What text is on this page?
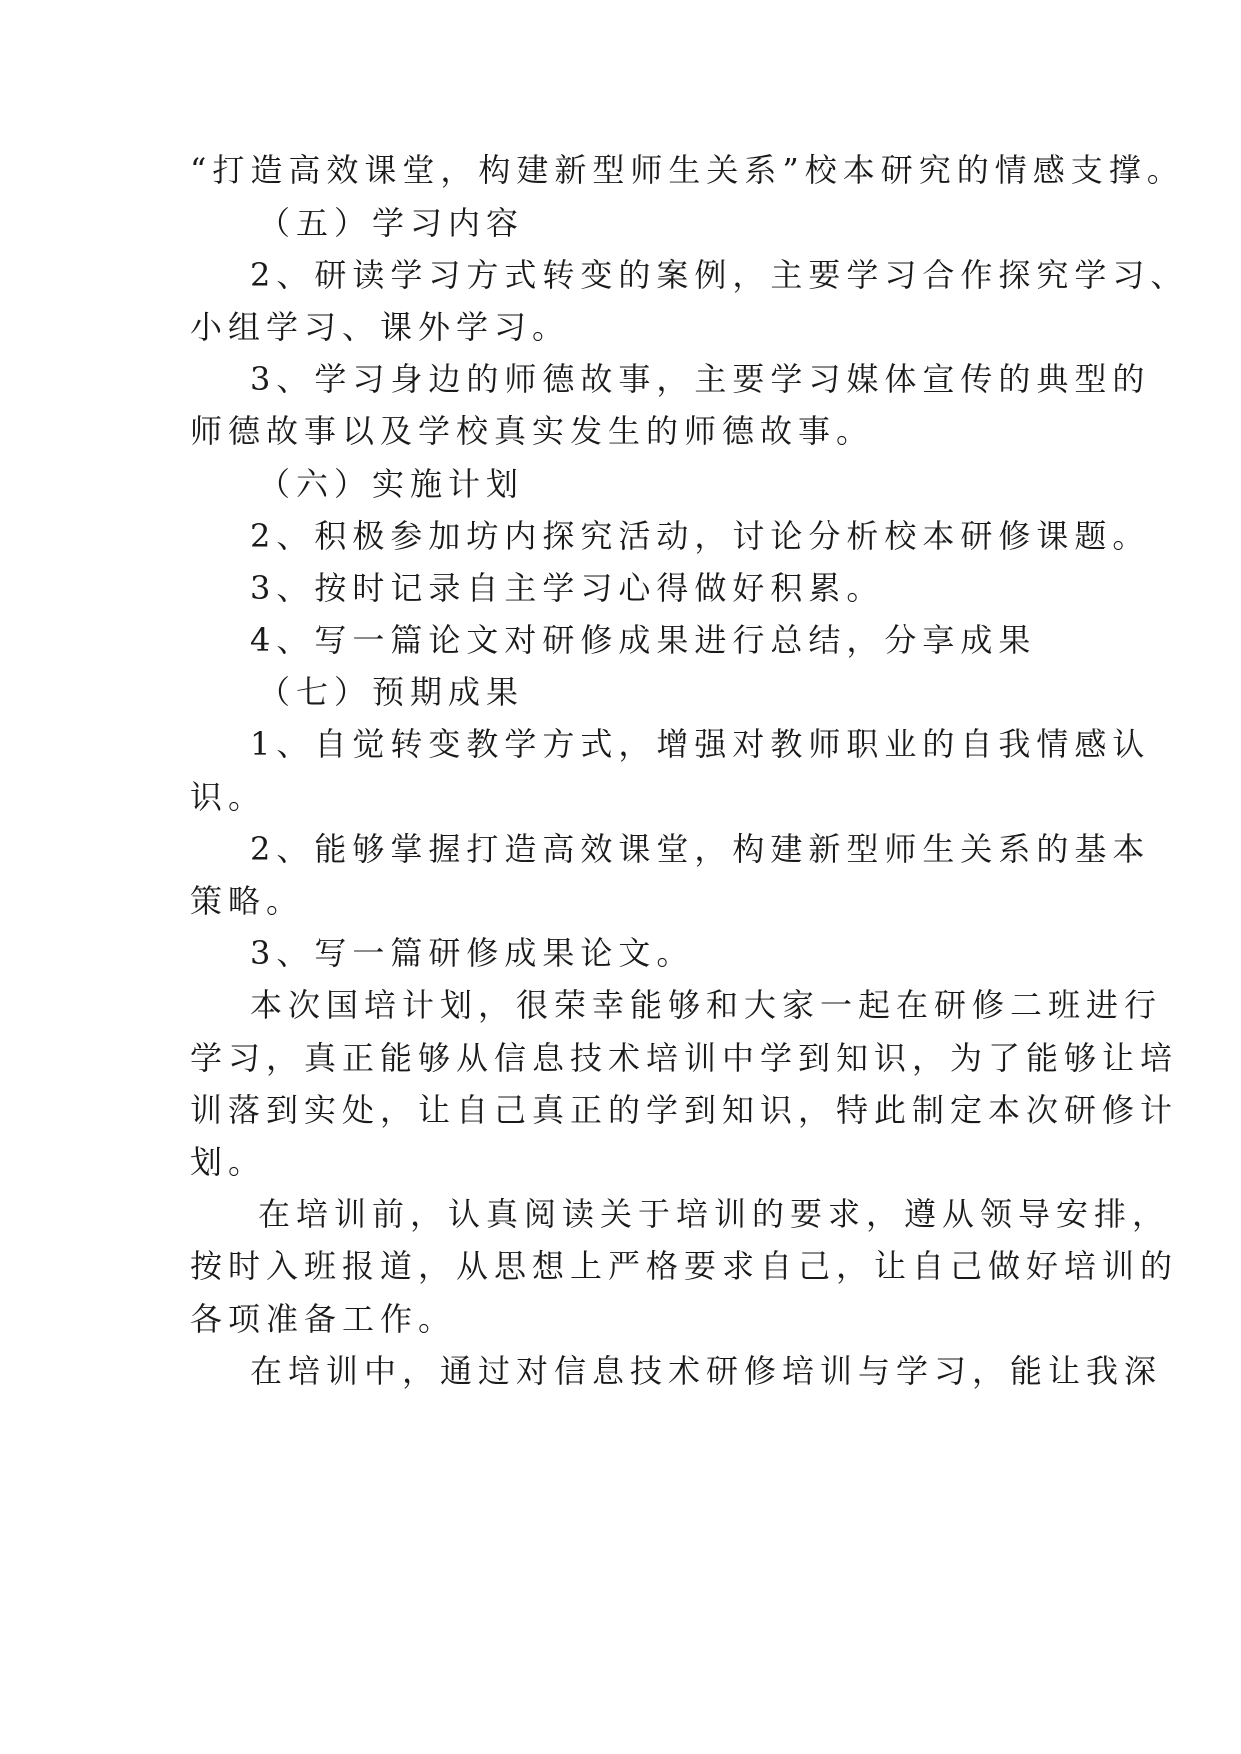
“打造高效课堂，构建新型师生关系”校本研究的情感支撑。
（五）学习内容
2、研读学习方式转变的案例，主要学习合作探究学习、
小组学习、课外学习。
3、学习身边的师德故事，主要学习媒体宣传的典型的
师德故事以及学校真实发生的师德故事。
（六）实施计划
2、积极参加坊内探究活动，讨论分析校本研修课题。
3、按时记录自主学习心得做好积累。
4、写一篇论文对研修成果进行总结，分享成果
（七）预期成果
1、自觉转变教学方式，增强对教师职业的自我情感认
识。
2、能够掌握打造高效课堂，构建新型师生关系的基本
策略。
3、写一篇研修成果论文。
本次国培计划，很荣幸能够和大家一起在研修二班进行
学习，真正能够从信息技术培训中学到知识，为了能够让培
训落到实处，让自己真正的学到知识，特此制定本次研修计
划。
在培训前，认真阅读关于培训的要求，遵从领导安排，
按时入班报道，从思想上严格要求自己，让自己做好培训的
各项准备工作。
在培训中，通过对信息技术研修培训与学习，能让我深
